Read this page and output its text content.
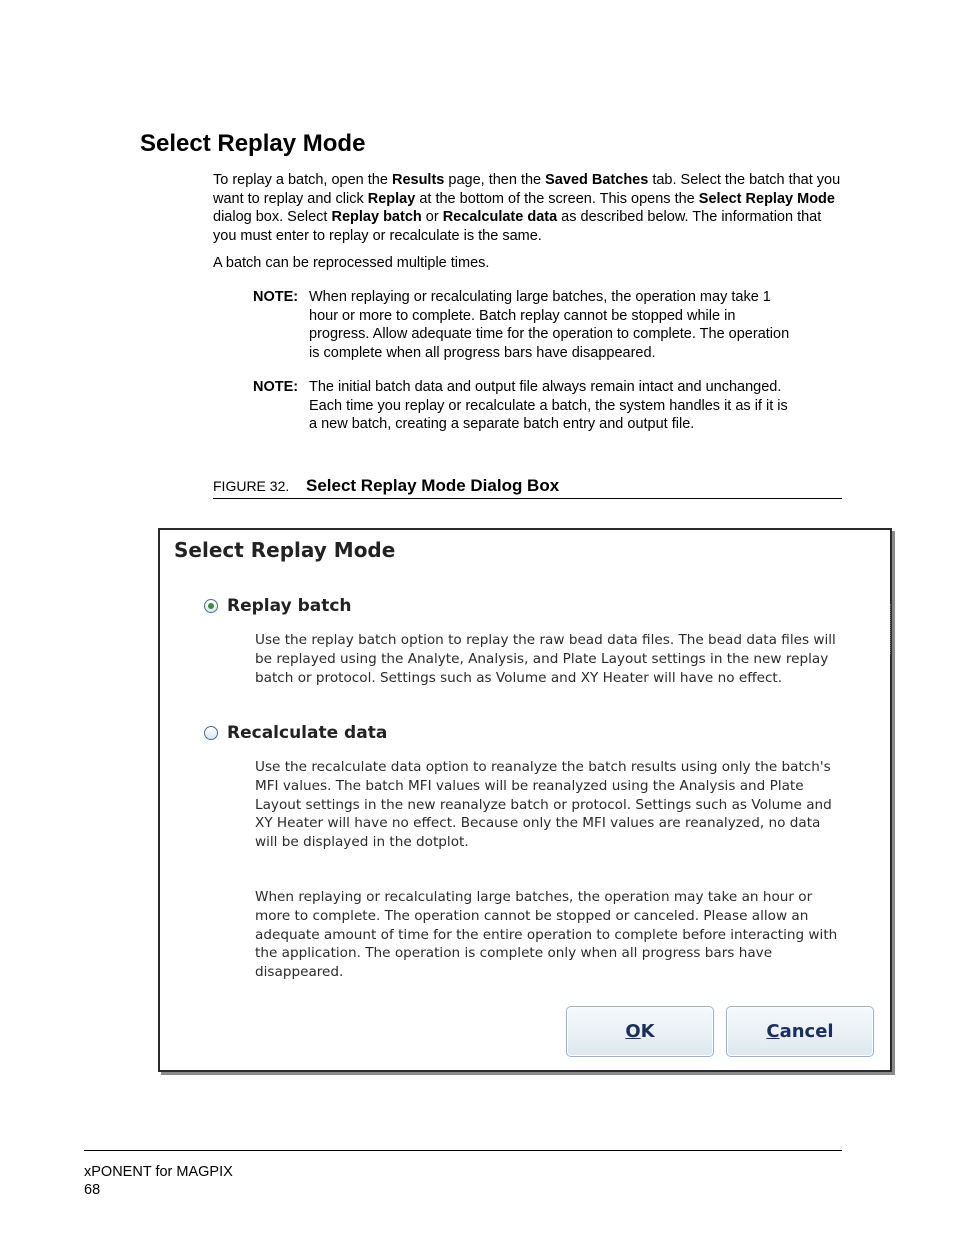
Select Replay Mode

To replay a batch, open the Results page, then the Saved Batches tab. Select the batch that you want to replay and click Replay at the bottom of the screen. This opens the Select Replay Mode dialog box. Select Replay batch or Recalculate data as described below. The information that you must enter to replay or recalculate is the same.

A batch can be reprocessed multiple times.

NOTE: When replaying or recalculating large batches, the operation may take 1 hour or more to complete. Batch replay cannot be stopped while in progress. Allow adequate time for the operation to complete. The operation is complete when all progress bars have disappeared.
NOTE: The initial batch data and output file always remain intact and unchanged. Each time you replay or recalculate a batch, the system handles it as if it is a new batch, creating a separate batch entry and output file.
FIGURE 32. Select Replay Mode Dialog Box
Select Replay Mode
Replay batch
Use the replay batch option to replay the raw bead data files. The bead data files will be replayed using the Analyte, Analysis, and Plate Layout settings in the new replay batch or protocol. Settings such as Volume and XY Heater will have no effect.
Recalculate data
Use the recalculate data option to reanalyze the batch results using only the batch's MFI values. The batch MFI values will be reanalyzed using the Analysis and Plate Layout settings in the new reanalyze batch or protocol. Settings such as Volume and XY Heater will have no effect. Because only the MFI values are reanalyzed, no data will be displayed in the dotplot.
When replaying or recalculating large batches, the operation may take an hour or more to complete. The operation cannot be stopped or canceled. Please allow an adequate amount of time for the entire operation to complete before interacting with the application. The operation is complete only when all progress bars have disappeared.
O K	C ancel
xPONENT for MAGPIX
68
